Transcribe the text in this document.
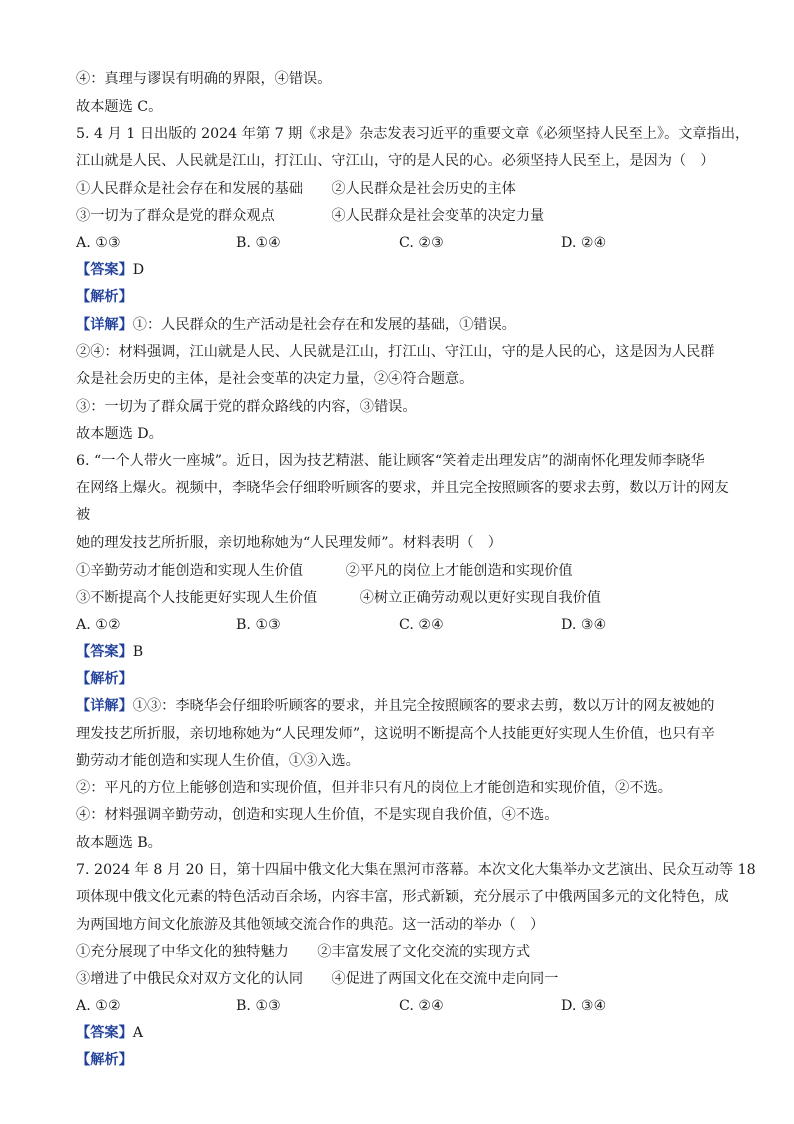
④：真理与谬误有明确的界限，④错误。
故本题选 C。
5. 4 月 1 日出版的 2024 年第 7 期《求是》杂志发表习近平的重要文章《必须坚持人民至上》。文章指出，
江山就是人民、人民就是江山，打江山、守江山，守的是人民的心。必须坚持人民至上，是因为（　）
①人民群众是社会存在和发展的基础　　②人民群众是社会历史的主体
③一切为了群众是党的群众观点　　　　④人民群众是社会变革的决定力量
【解析】
【详解】①：人民群众的生产活动是社会存在和发展的基础，①错误。
②④：材料强调，江山就是人民、人民就是江山，打江山、守江山，守的是人民的心，这是因为人民群
众是社会历史的主体，是社会变革的决定力量，②④符合题意。
③：一切为了群众属于党的群众路线的内容，③错误。
故本题选 D。
6. “一个人带火一座城”。近日，因为技艺精湛、能让顾客“笑着走出理发店”的湖南怀化理发师李晓华
在网络上爆火。视频中，李晓华会仔细聆听顾客的要求，并且完全按照顾客的要求去剪，数以万计的网友
被
她的理发技艺所折服，亲切地称她为“人民理发师”。材料表明（　）
①辛勤劳动才能创造和实现人生价值　　　②平凡的岗位上才能创造和实现价值
③不断提高个人技能更好实现人生价值　　　④树立正确劳动观以更好实现自我价值
【解析】
【详解】①③：李晓华会仔细聆听顾客的要求，并且完全按照顾客的要求去剪，数以万计的网友被她的
理发技艺所折服，亲切地称她为“人民理发师”，这说明不断提高个人技能更好实现人生价值，也只有辛
勤劳动才能创造和实现人生价值，①③入选。
②：平凡的方位上能够创造和实现价值，但并非只有凡的岗位上才能创造和实现价值，②不选。
④：材料强调辛勤劳动，创造和实现人生价值，不是实现自我价值，④不选。
故本题选 B。
7. 2024 年 8 月 20 日，第十四届中俄文化大集在黑河市落幕。本次文化大集举办文艺演出、民众互动等 18
项体现中俄文化元素的特色活动百余场，内容丰富，形式新颖，充分展示了中俄两国多元的文化特色，成
为两国地方间文化旅游及其他领域交流合作的典范。这一活动的举办（　）
①充分展现了中华文化的独特魅力　　②丰富发展了文化交流的实现方式
③增进了中俄民众对双方文化的认同　　④促进了两国文化在交流中走向同一
【解析】
【答案】D
【答案】B
【答案】A
A. ①③	B. ①④	C. ②③	D. ②④
A. ①②	B. ①③	C. ②④	D. ③④
A. ①②	B. ①③	C. ②④	D. ③④
